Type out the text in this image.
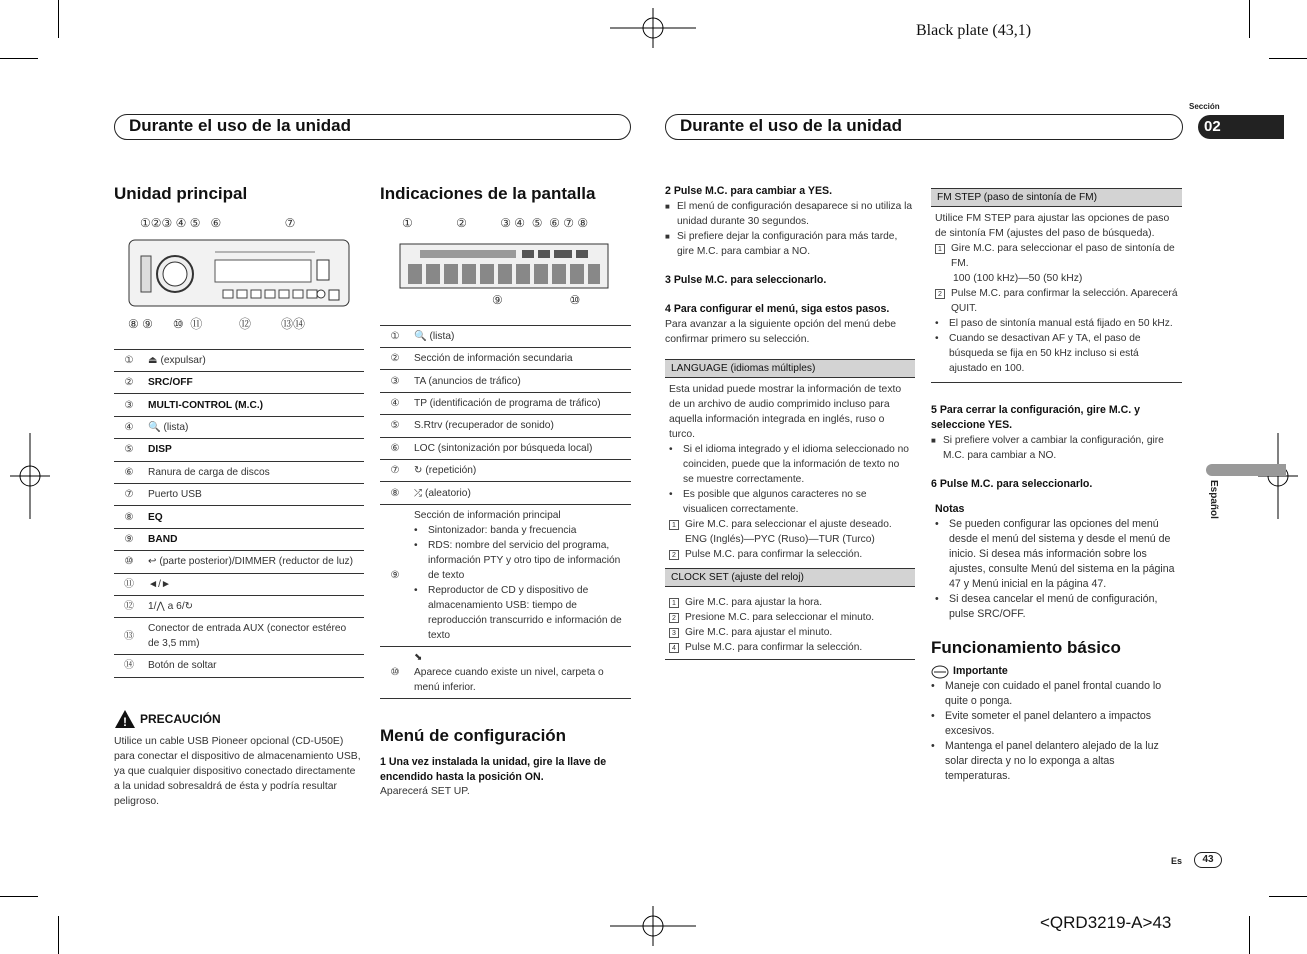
Black plate (43,1)
<QRD3219-A>43
Durante el uso de la unidad	Durante el uso de la unidad
Sección
02
Español
Es	43
Unidad principal
①②③ ④ ⑤   ⑥                   ⑦
⑧ ⑨      ⑩  ⑪           ⑫         ⑬⑭
①	⏏ (expulsar)
②	SRC/OFF
③	MULTI-CONTROL (M.C.)
④	🔍 (lista)
⑤	DISP
⑥	Ranura de carga de discos
⑦	Puerto USB
⑧	EQ
⑨	BAND
⑩	↩ (parte posterior)/DIMMER (reductor de luz)
⑪	◄/►
⑫	1/⋀ a 6/↻
⑬
Conector de entrada AUX (conector estéreo de 3,5 mm)
⑭	Botón de soltar
! PRECAUCIÓN
Utilice un cable USB Pioneer opcional (CD-U50E) para conectar el dispositivo de almacenamiento USB, ya que cualquier dispositivo conectado directamente a la unidad sobresaldrá de ésta y podría resultar peligroso.
Indicaciones de la pantalla
①             ②          ③ ④  ⑤  ⑥ ⑦ ⑧
⑨                    ⑩
①	🔍 (lista)
②	Sección de información secundaria
③	TA (anuncios de tráfico)
④	TP (identificación de programa de tráfico)
⑤	S.Rtrv (recuperador de sonido)
⑥	LOC (sintonización por búsqueda local)
⑦	↻ (repetición)
⑧	⤮ (aleatorio)
⑨
Sección de información principal
•	Sintonizador: banda y frecuencia
•	RDS: nombre del servicio del programa, información PTY y otro tipo de información de texto
•	Reproductor de CD y dispositivo de almacenamiento USB: tiempo de reproducción transcurrido e información de texto
⑩
⬊
Aparece cuando existe un nivel, carpeta o menú inferior.
Menú de configuración
1 Una vez instalada la unidad, gire la llave de encendido hasta la posición ON.
Aparecerá SET UP.
2 Pulse M.C. para cambiar a YES.
■ El menú de configuración desaparece si no utiliza la unidad durante 30 segundos.
■ Si prefiere dejar la configuración para más tarde, gire M.C. para cambiar a NO.
3 Pulse M.C. para seleccionarlo.
4 Para configurar el menú, siga estos pasos.
Para avanzar a la siguiente opción del menú debe confirmar primero su selección.
LANGUAGE (idiomas múltiples)
Esta unidad puede mostrar la información de texto de un archivo de audio comprimido incluso para aquella información integrada en inglés, ruso o turco.
•	Si el idioma integrado y el idioma seleccionado no coinciden, puede que la información de texto no se muestre correctamente.
•	Es posible que algunos caracteres no se visualicen correctamente.
1 Gire M.C. para seleccionar el ajuste deseado. ENG (Inglés)—PYC (Ruso)—TUR (Turco)
2 Pulse M.C. para confirmar la selección.
CLOCK SET (ajuste del reloj)
1 Gire M.C. para ajustar la hora.
2 Presione M.C. para seleccionar el minuto.
3 Gire M.C. para ajustar el minuto.
4 Pulse M.C. para confirmar la selección.
FM STEP (paso de sintonía de FM)
Utilice FM STEP para ajustar las opciones de paso de sintonía FM (ajustes del paso de búsqueda).
1 Gire M.C. para seleccionar el paso de sintonía de FM.
100 (100 kHz)—50 (50 kHz)
2 Pulse M.C. para confirmar la selección. Aparecerá QUIT.
•	El paso de sintonía manual está fijado en 50 kHz.
•	Cuando se desactivan AF y TA, el paso de búsqueda se fija en 50 kHz incluso si está ajustado en 100.
5 Para cerrar la configuración, gire M.C. y seleccione YES.
■ Si prefiere volver a cambiar la configuración, gire M.C. para cambiar a NO.
6 Pulse M.C. para seleccionarlo.
Notas
• Se pueden configurar las opciones del menú desde el menú del sistema y desde el menú de inicio. Si desea más información sobre los ajustes, consulte Menú del sistema en la página 47 y Menú inicial en la página 47.
• Si desea cancelar el menú de configuración, pulse SRC/OFF.
Funcionamiento básico
Importante
• Maneje con cuidado el panel frontal cuando lo quite o ponga.
• Evite someter el panel delantero a impactos excesivos.
• Mantenga el panel delantero alejado de la luz solar directa y no lo exponga a altas temperaturas.
